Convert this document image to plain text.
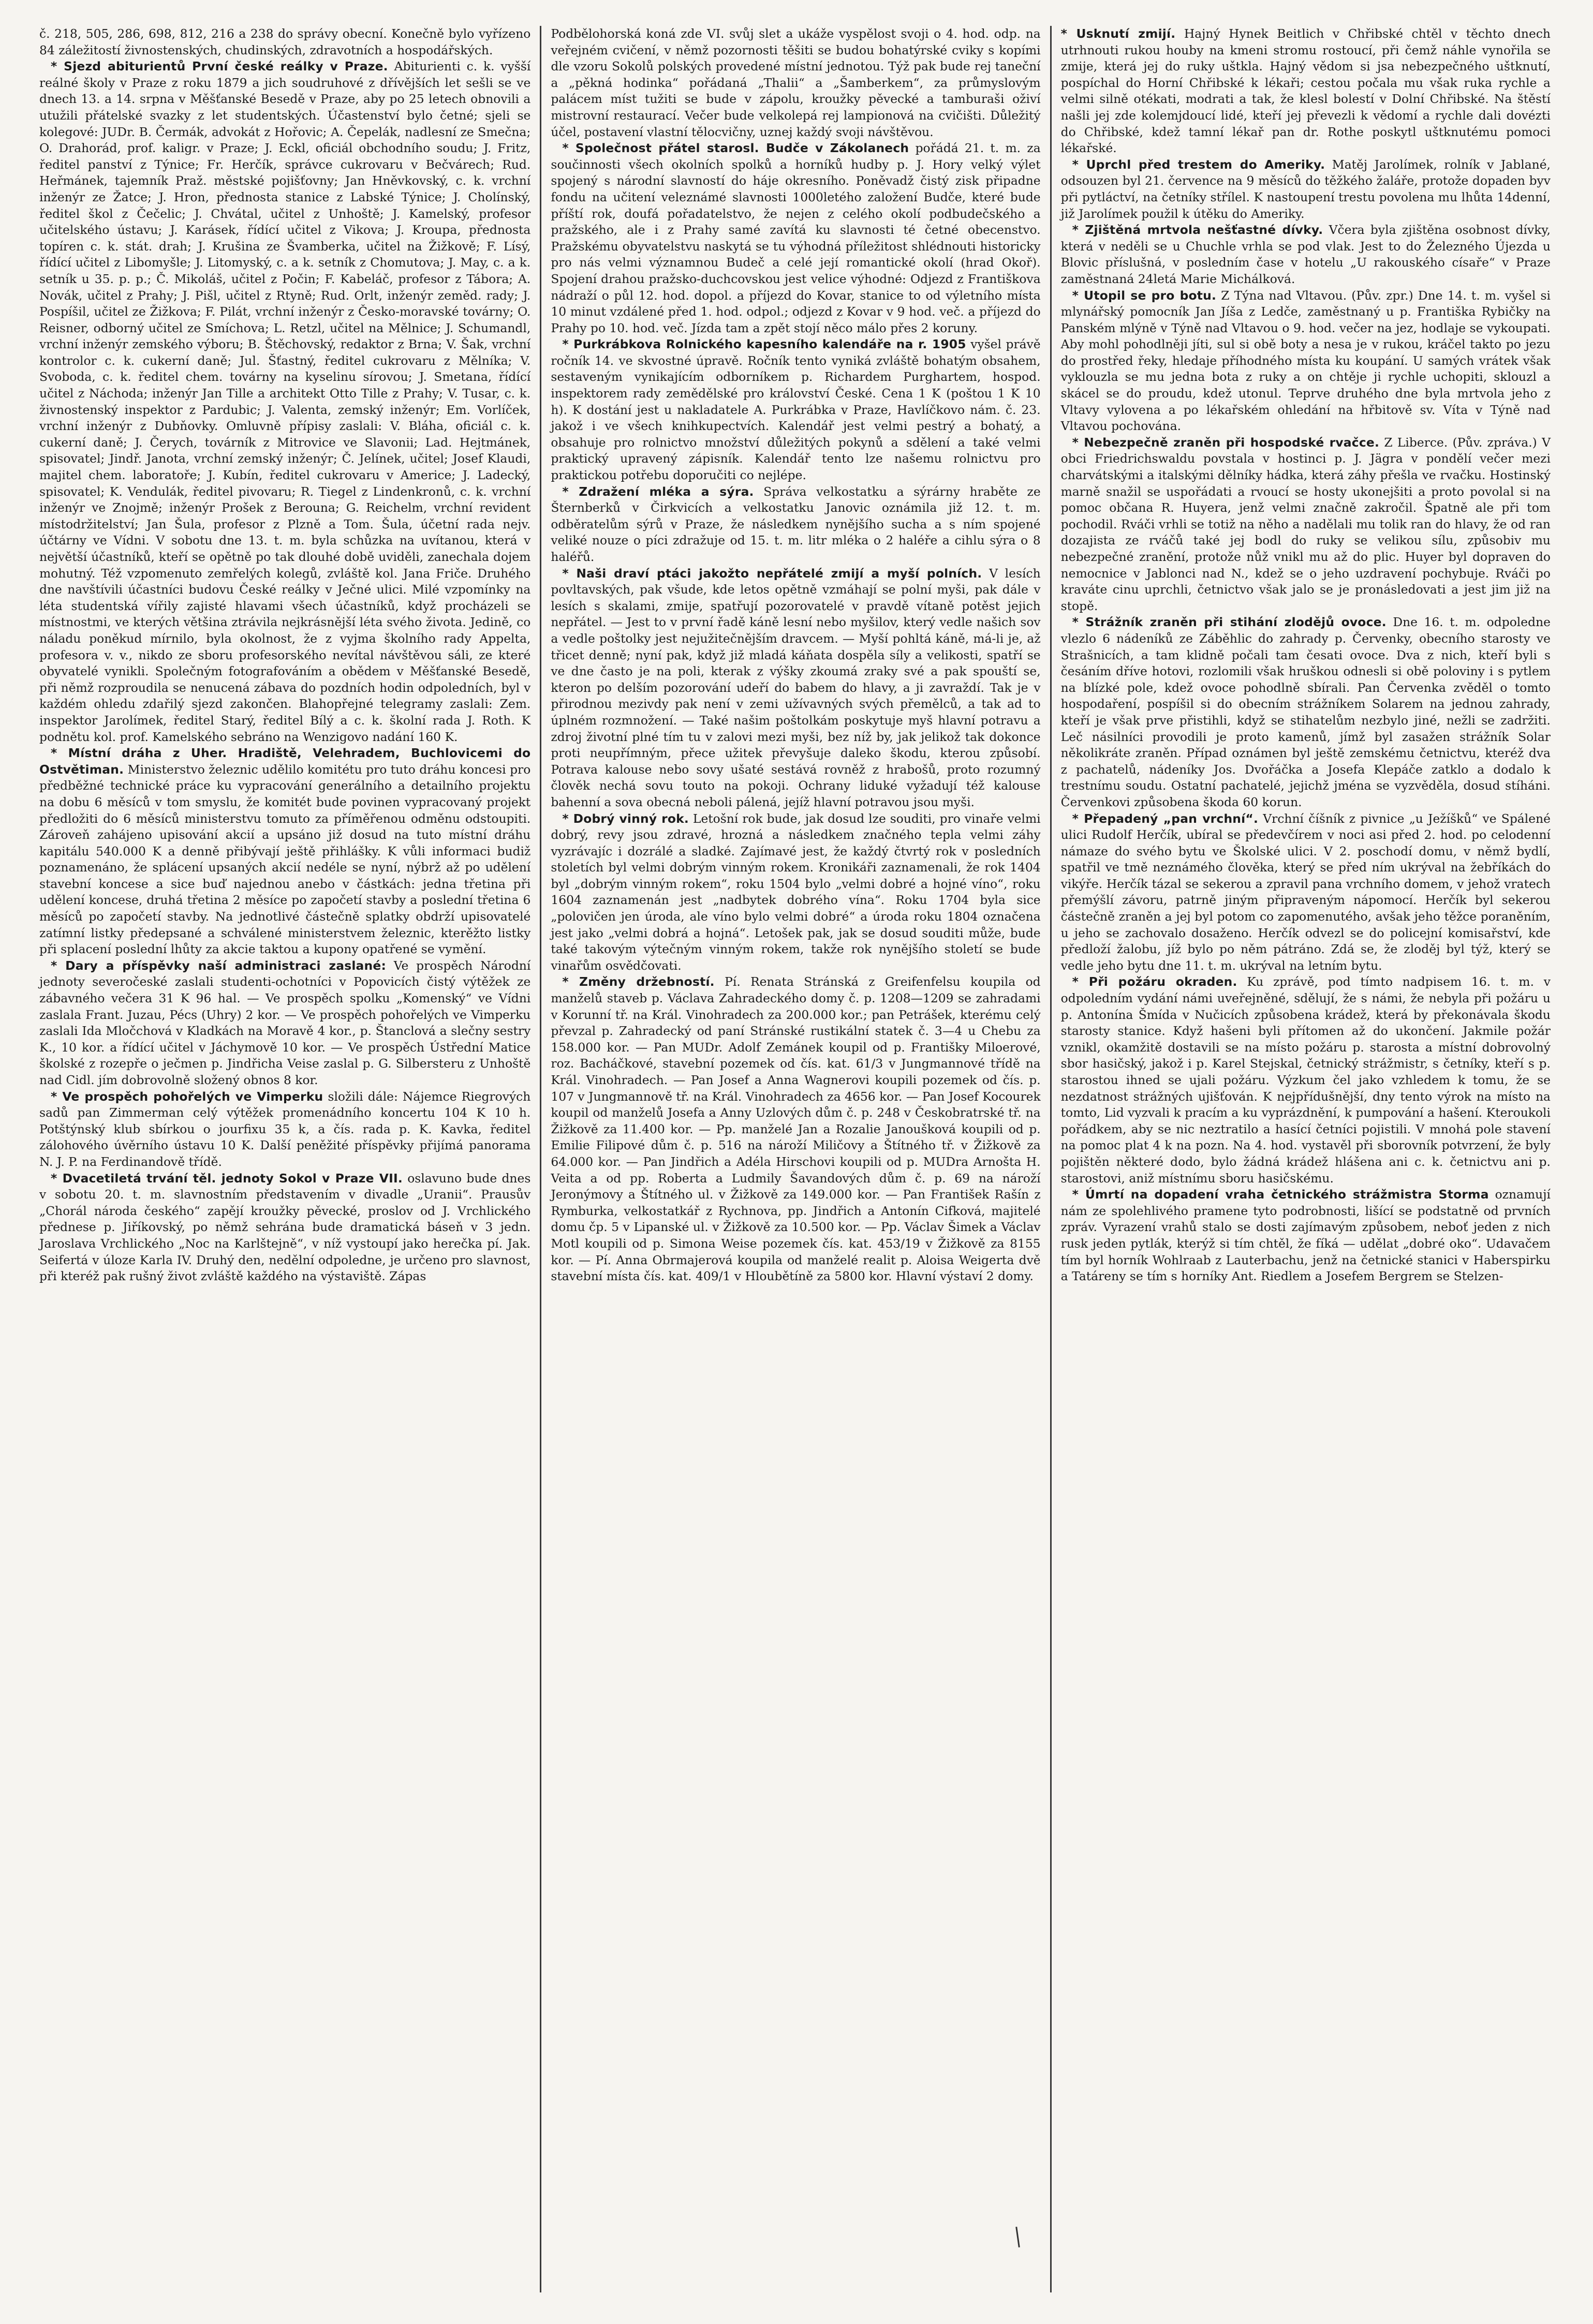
č. 218, 505, 286, 698, 812, 216 a 238 do správy obecní. Konečně bylo vyřízeno 84 záležitostí živnostenských, chudinských, zdravotních a hospodářských.

* Sjezd abiturientů První české reálky v Praze. Abiturienti c. k. vyšší reálné školy v Praze z roku 1879 a jich soudruhové z dřívějších let sešli se ve dnech 13. a 14. srpna v Měšťanské Besedě v Praze, aby po 25 letech obnovili a utužili přátelské svazky z let studentských. Účastenství bylo četné; sjeli se kolegové: JUDr. B. Čermák, advokát z Hořovic; A. Čepelák, nadlesní ze Smečna; O. Drahorád, prof. kaligr. v Praze; J. Eckl, oficiál obchodního soudu; J. Fritz, ředitel panství z Týnice; Fr. Herčík, správce cukrovaru v Bečvárech; Rud. Heřmánek, tajemník Praž. městské pojišťovny; Jan Hněvkovský, c. k. vrchní inženýr ze Žatce; J. Hron, přednosta stanice z Labské Týnice; J. Cholínský, ředitel škol z Čečelic; J. Chvátal, učitel z Unhoště; J. Kamelský, profesor učitelského ústavu; J. Karásek, řídící učitel z Vikova; J. Kroupa, přednosta topíren c. k. stát. drah; J. Krušina ze Švamberka, učitel na Žižkově; F. Lísý, řídící učitel z Libomyšle; J. Litomyský, c. a k. setník z Chomutova; J. May, c. a k. setník u 35. p. p.; Č. Mikoláš, učitel z Počin; F. Kabeláč, profesor z Tábora; A. Novák, učitel z Prahy; J. Pišl, učitel z Rtyně; Rud. Orlt, inženýr zeměd. rady; J. Pospíšil, učitel ze Žižkova; F. Pilát, vrchní inženýr z Česko-moravské továrny; O. Reisner, odborný učitel ze Smíchova; L. Retzl, učitel na Mělnice; J. Schumandl, vrchní inženýr zemského výboru; B. Štěchovský, redaktor z Brna; V. Šak, vrchní kontrolor c. k. cukerní daně; Jul. Šťastný, ředitel cukrovaru z Mělníka; V. Svoboda, c. k. ředitel chem. továrny na kyselinu sírovou; J. Smetana, řídící učitel z Náchoda; inženýr Jan Tille a architekt Otto Tille z Prahy; V. Tusar, c. k. živnostenský inspektor z Pardubic; J. Valenta, zemský inženýr; Em. Vorlíček, vrchní inženýr z Dubňovky. Omluvně přípisy zaslali: V. Bláha, oficiál c. k. cukerní daně; J. Čerych, továrník z Mitrovice ve Slavonii; Lad. Hejtmánek, spisovatel; Jindř. Janota, vrchní zemský inženýr; Č. Jelínek, učitel; Josef Klaudi, majitel chem. laboratoře; J. Kubín, ředitel cukrovaru v Americe; J. Ladecký, spisovatel; K. Vendulák, ředitel pivovaru; R. Tiegel z Lindenkronů, c. k. vrchní inženýr ve Znojmě; inženýr Prošek z Berouna; G. Reichelm, vrchní revident místodržitelství; Jan Šula, profesor z Plzně a Tom. Šula, účetní rada nejv. účtárny ve Vídni. V sobotu dne 13. t. m. byla schůzka na uvítanou, která v největší účastníků, kteří se opětně po tak dlouhé době uviděli, zanechala dojem mohutný. Též vzpomenuto zemřelých kolegů, zvláště kol. Jana Friče. Druhého dne navštívili účastníci budovu České reálky v Ječné ulici. Milé vzpomínky na léta studentská vířily zajisté hlavami všech účastníků, když procházeli se místnostmi, ve kterých většina ztrávila nejkrásnější léta svého života. Jedině, co náladu poněkud mírnilo, byla okolnost, že z vyjma školního rady Appelta, profesora v. v., nikdo ze sboru profesorského nevítal návštěvou sáli, ze které obyvatelé vynikli. Společným fotografováním a obědem v Měšťanské Besedě, při němž rozproudila se nenucená zábava do pozdních hodin odpoledních, byl v každém ohledu zdařilý sjezd zakončen. Blahopřejné telegramy zaslali: Zem. inspektor Jarolímek, ředitel Starý, ředitel Bílý a c. k. školní rada J. Roth. K podnětu kol. prof. Kamelského sebráno na Wenzigovo nadání 160 K.

* Místní dráha z Uher. Hradiště, Velehradem, Buchlovicemi do Ostvětiman. Ministerstvo železnic udělilo komitétu pro tuto dráhu koncesi pro předběžné technické práce ku vypracování generálního a detailního projektu na dobu 6 měsíců v tom smyslu, že komitét bude povinen vypracovaný projekt předložiti do 6 měsíců ministerstvu tomuto za příměřenou odměnu odstoupiti. Zároveň zahájeno upisování akcií a upsáno již dosud na tuto místní dráhu kapitálu 540.000 K a denně přibývají ještě přihlášky. K vůli informaci budiž poznamenáno, že splácení upsaných akcií nedéle se nyní, nýbrž až po udělení stavební koncese a sice buď najednou anebo v částkách: jedna třetina při udělení koncese, druhá třetina 2 měsíce po započetí stavby a poslední třetina 6 měsíců po započetí stavby. Na jednotlivé částečně splatky obdrží upisovatelé zatímní listky předepsané a schválené ministerstvem železnic, kterěžto listky při splacení poslední lhůty za akcie taktou a kupony opatřené se vymění.

* Dary a příspěvky naší administraci zaslané: Ve prospěch Národní jednoty severočeské zaslali studenti-ochotníci v Popovicích čistý výtěžek ze zábavného večera 31 K 96 hal. — Ve prospěch spolku „Komenský“ ve Vídni zaslala Frant. Juzau, Pécs (Uhry) 2 kor. — Ve prospěch pohořelých ve Vimperku zaslali Ida Mločchová v Kladkách na Moravě 4 kor., p. Štanclová a slečny sestry K., 10 kor. a řídící učitel v Jáchymově 10 kor. — Ve prospěch Ústřední Matice školské z rozepře o ječmen p. Jindřicha Veise zaslal p. G. Silbersteru z Unhoště nad Cidl. jím dobrovolně složený obnos 8 kor.

* Ve prospěch pohořelých ve Vimperku složili dále: Nájemce Riegrových sadů pan Zimmerman celý výtěžek promenádního koncertu 104 K 10 h. Potštýnský klub sbírkou o jourfixu 35 k, a čís. rada p. K. Kavka, ředitel zálohového úvěrního ústavu 10 K. Další peněžité příspěvky přijímá panorama N. J. P. na Ferdinandově třídě.

* Dvacetiletá trvání těl. jednoty Sokol v Praze VII. oslavuno bude dnes v sobotu 20. t. m. slavnostním představením v divadle „Uranii“. Prausův „Chorál národa českého“ zapějí kroužky pěvecké, proslov od J. Vrchlického přednese p. Jiříkovský, po němž sehrána bude dramatická báseň v 3 jedn. Jaroslava Vrchlického „Noc na Karlštejně“, v níž vystoupí jako herečka pí. Jak. Seifertá v úloze Karla IV. Druhý den, nedělní odpoledne, je určeno pro slavnost, při kteréž pak rušný život zvláště každého na výstaviště. Zápas

Podbělohorská koná zde VI. svůj slet a ukáže vyspělost svoji o 4. hod. odp. na veřejném cvičení, v němž pozornosti těšiti se budou bohatýrské cviky s kopími dle vzoru Sokolů polských provedené místní jednotou. Týž pak bude rej taneční a „pěkná hodinka“ pořádaná „Thalii“ a „Šamberkem“, za průmyslovým palácem míst tužiti se bude v zápolu, kroužky pěvecké a tamburaši oživí mistrovní restaurací. Večer bude velkolepá rej lampionová na cvičišti. Důležitý účel, postavení vlastní tělocvičny, uznej každý svoji návštěvou.

* Společnost přátel starosl. Budče v Zákolanech pořádá 21. t. m. za součinnosti všech okolních spolků a horníků hudby p. J. Hory velký výlet spojený s národní slavností do háje okresního. Poněvadž čistý zisk připadne fondu na učitení veleznámé slavnosti 1000letého založení Budče, které bude příští rok, doufá pořadatelstvo, že nejen z celého okolí podbudečského a pražského, ale i z Prahy samé zavítá ku slavnosti té četné obecenstvo. Pražskému obyvatelstvu naskytá se tu výhodná příležitost shlédnouti historicky pro nás velmi významnou Budeč a celé její romantické okolí (hrad Okoř). Spojení drahou pražsko-duchcovskou jest velice výhodné: Odjezd z Františkova nádraží o půl 12. hod. dopol. a příjezd do Kovar, stanice to od výletního místa 10 minut vzdálené před 1. hod. odpol.; odjezd z Kovar v 9 hod. več. a příjezd do Prahy po 10. hod. več. Jízda tam a zpět stojí něco málo přes 2 koruny.

* Purkrábkova Rolnického kapesního kalendáře na r. 1905 vyšel právě ročník 14. ve skvostné úpravě. Ročník tento vyniká zvláště bohatým obsahem, sestaveným vynikajícím odborníkem p. Richardem Purghartem, hospod. inspektorem rady zemědělské pro království České. Cena 1 K (poštou 1 K 10 h). K dostání jest u nakladatele A. Purkrábka v Praze, Havlíčkovo nám. č. 23. jakož i ve všech knihkupectvích. Kalendář jest velmi pestrý a bohatý, a obsahuje pro rolnictvo množství důležitých pokynů a sdělení a také velmi praktický upravený zápisník. Kalendář tento lze našemu rolnictvu pro praktickou potřebu doporučiti co nejlépe.

* Zdražení mléka a sýra. Správa velkostatku a sýrárny hraběte ze Šternberků v Čirkvicích a velkostatku Janovic oznámila již 12. t. m. odběratelům sýrů v Praze, že následkem nynějšího sucha a s ním spojené veliké nouze o píci zdražuje od 15. t. m. litr mléka o 2 haléře a cihlu sýra o 8 haléřů.

* Naši draví ptáci jakožto nepřátelé zmijí a myší polních. V lesích povltavských, pak všude, kde letos opětně vzmáhají se polní myši, pak dále v lesích s skalami, zmije, spatřují pozorovatelé v pravdě vítaně potěst jejich nepřátel. — Jest to v první řadě káně lesní nebo myšilov, který vedle našich sov a vedle poštolky jest nejužitečnějším dravcem. — Myší pohltá káně, má-li je, až třicet denně; nyní pak, když již mladá káňata dospěla síly a velikosti, spatří se ve dne často je na poli, kterak z výšky zkoumá zraky své a pak spouští se, kteron po delším pozorování udeří do babem do hlavy, a ji zavraždí. Tak je v přirodnou mezivdy pak není v zemi užívavných svých přemělců, a tak ad to úplném rozmnožení. — Také našim poštolkám poskytuje myš hlavní potravu a zdroj životní plné tím tu v zalovi mezi myši, bez níž by, jak jelikož tak dokonce proti neupřímným, přece užitek převyšuje daleko škodu, kterou způsobí. Potrava kalouse nebo sovy ušaté sestává rovněž z hrabošů, proto rozumný člověk nechá sovu touto na pokoji. Ochrany liduké vyžadují též kalouse bahenní a sova obecná neboli pálená, jejíž hlavní potravou jsou myši.

* Dobrý vinný rok. Letošní rok bude, jak dosud lze souditi, pro vinaře velmi dobrý, revy jsou zdravé, hrozná a následkem značného tepla velmi záhy vyzrávajíc i dozrálé a sladké. Zajímavé jest, že každý čtvrtý rok v posledních stoletích byl velmi dobrým vinným rokem. Kronikáři zaznamenali, že rok 1404 byl „dobrým vinným rokem“, roku 1504 bylo „velmi dobré a hojné víno“, roku 1604 zaznamenán jest „nadbytek dobrého vína“. Roku 1704 byla sice „polovičen jen úroda, ale víno bylo velmi dobré“ a úroda roku 1804 označena jest jako „velmi dobrá a hojná“. Letošek pak, jak se dosud souditi může, bude také takovým výtečným vinným rokem, takže rok nynějšího století se bude vinařům osvědčovati.

* Změny držebností. Pí. Renata Stránská z Greifenfelsu koupila od manželů staveb p. Václava Zahradeckého domy č. p. 1208—1209 se zahradami v Korunní tř. na Král. Vinohradech za 200.000 kor.; pan Petrášek, kterému celý převzal p. Zahradecký od paní Stránské rustikální statek č. 3—4 u Chebu za 158.000 kor. — Pan MUDr. Adolf Zemánek koupil od p. Františky Miloerové, roz. Bacháčkové, stavební pozemek od čís. kat. 61/3 v Jungmannové třídě na Král. Vinohradech. — Pan Josef a Anna Wagnerovi koupili pozemek od čís. p. 107 v Jungmannově tř. na Král. Vinohradech za 4656 kor. — Pan Josef Kocourek koupil od manželů Josefa a Anny Uzlových dům č. p. 248 v Českobratrské tř. na Žižkově za 11.400 kor. — Pp. manželé Jan a Rozalie Janoušková koupili od p. Emilie Filipové dům č. p. 516 na nároží Miličovy a Štítného tř. v Žižkově za 64.000 kor. — Pan Jindřich a Adéla Hirschovi koupili od p. MUDra Arnošta H. Veita a od pp. Roberta a Ludmily Šavandových dům č. p. 69 na nároží Jeronýmovy a Štítného ul. v Žižkově za 149.000 kor. — Pan František Rašín z Rymburka, velkostatkář z Rychnova, pp. Jindřich a Antonín Cifková, majitelé domu čp. 5 v Lipanské ul. v Žižkově za 10.500 kor. — Pp. Václav Šimek a Václav Motl koupili od p. Simona Weise pozemek čís. kat. 453/19 v Žižkově za 8155 kor. — Pí. Anna Obrmajerová koupila od manželé realit p. Aloisa Weigerta dvě stavební místa čís. kat. 409/1 v Hloubětíně za 5800 kor. Hlavní výstaví 2 domy.

* Usknutí zmijí. Hajný Hynek Beitlich v Chřibské chtěl v těchto dnech utrhnouti rukou houby na kmeni stromu rostoucí, při čemž náhle vynořila se zmije, která jej do ruky uštkla. Hajný vědom si jsa nebezpečného uštknutí, pospíchal do Horní Chřibské k lékaři; cestou počala mu však ruka rychle a velmi silně otékati, modrati a tak, že klesl bolestí v Dolní Chřibské. Na štěstí našli jej zde kolemjdoucí lidé, kteří jej převezli k vědomí a rychle dali dovézti do Chřibské, kdež tamní lékař pan dr. Rothe poskytl uštknutému pomoci lékařské.

* Uprchl před trestem do Ameriky. Matěj Jarolímek, rolník v Jablané, odsouzen byl 21. července na 9 měsíců do těžkého žaláře, protože dopaden byv při pytláctví, na četníky střílel. K nastoupení trestu povolena mu lhůta 14denní, již Jarolímek použil k útěku do Ameriky.

* Zjištěná mrtvola nešťastné dívky. Včera byla zjištěna osobnost dívky, která v neděli se u Chuchle vrhla se pod vlak. Jest to do Železného Újezda u Blovic příslušná, v posledním čase v hotelu „U rakouského císaře“ v Praze zaměstnaná 24letá Marie Michálková.

* Utopil se pro botu. Z Týna nad Vltavou. (Pův. zpr.) Dne 14. t. m. vyšel si mlynářský pomocník Jan Jíša z Ledče, zaměstnaný u p. Františka Rybičky na Panském mlýně v Týně nad Vltavou o 9. hod. večer na jez, hodlaje se vykoupati. Aby mohl pohodlněji jíti, sul si obě boty a nesa je v rukou, kráčel takto po jezu do prostřed řeky, hledaje příhodného místa ku koupání. U samých vrátek však vyklouzla se mu jedna bota z ruky a on chtěje ji rychle uchopiti, sklouzl a skácel se do proudu, kdež utonul. Teprve druhého dne byla mrtvola jeho z Vltavy vylovena a po lékařském ohledání na hřbitově sv. Víta v Týně nad Vltavou pochována.

* Nebezpečně zraněn při hospodské rvačce. Z Liberce. (Pův. zpráva.) V obci Friedrichswaldu povstala v hostinci p. J. Jägra v pondělí večer mezi charvátskými a italskými dělníky hádka, která záhy přešla ve rvačku. Hostinský marně snažil se uspořádati a rvoucí se hosty ukonejšiti a proto povolal si na pomoc občana R. Huyera, jenž velmi značně zakročil. Špatně ale při tom pochodil. Rváči vrhli se totiž na něho a nadělali mu tolik ran do hlavy, že od ran dozajista ze rváčů také jej bodl do ruky se velikou sílu, způsobiv mu nebezpečné zranění, protože nůž vnikl mu až do plic. Huyer byl dopraven do nemocnice v Jablonci nad N., kdež se o jeho uzdravení pochybuje. Rváči po kraváte cinu uprchli, četnictvo však jalo se je pronásledovati a jest jim již na stopě.

* Strážník zraněn při stihání zlodějů ovoce. Dne 16. t. m. odpoledne vlezlo 6 nádeníků ze Záběhlic do zahrady p. Červenky, obecního starosty ve Strašnicích, a tam klidně počali tam česati ovoce. Dva z nich, kteří byli s česáním dříve hotovi, rozlomili však hruškou odnesli si obě poloviny i s pytlem na blízké pole, kdež ovoce pohodlně sbírali. Pan Červenka zvěděl o tomto hospodaření, pospíšil si do obecním strážníkem Solarem na jednou zahrady, kteří je však prve přistihli, když se stihatelům nezbylo jiné, nežli se zadržiti. Leč násilníci provodili je proto kamenů, jímž byl zasažen strážník Solar několikráte zraněn. Případ oznámen byl ještě zemskému četnictvu, kteréž dva z pachatelů, nádeníky Jos. Dvořáčka a Josefa Klepáče zatklo a dodalo k trestnímu soudu. Ostatní pachatelé, jejichž jména se vyzvěděla, dosud stíháni. Červenkovi způsobena škoda 60 korun.

* Přepadený „pan vrchní“. Vrchní číšník z pivnice „u Ježíšků“ ve Spálené ulici Rudolf Herčík, ubíral se předevčírem v noci asi před 2. hod. po celodenní námaze do svého bytu ve Školské ulici. V 2. poschodí domu, v němž bydlí, spatřil ve tmě neznámého člověka, který se před ním ukrýval na žebříkách do vikýře. Herčík tázal se sekerou a zpravil pana vrchního domem, v jehož vratech přemýšlí závoru, patrně jiným připraveným nápomocí. Herčík byl sekerou částečně zraněn a jej byl potom co zapomenutého, avšak jeho těžce poraněním, u jeho se zachovalo dosaženo. Herčík odvezl se do policejní komisařství, kde předloží žalobu, jíž bylo po něm pátráno. Zdá se, že zloděj byl týž, který se vedle jeho bytu dne 11. t. m. ukrýval na letním bytu.

* Při požáru okraden. Ku zprávě, pod tímto nadpisem 16. t. m. v odpoledním vydání námi uveřejněné, sdělují, že s námi, že nebyla při požáru u p. Antonína Šmída v Nučicích způsobena krádež, která by překonávala škodu starosty stanice. Když hašeni byli přítomen až do ukončení. Jakmile požár vznikl, okamžitě dostavili se na místo požáru p. starosta a místní dobrovolný sbor hasičský, jakož i p. Karel Stejskal, četnický strážmistr, s četníky, kteří s p. starostou ihned se ujali požáru. Výzkum čel jako vzhledem k tomu, že se nezdatnost strážných ujišťován. K nejpřídušnější, dny tento výrok na místo na tomto, Lid vyzvali k pracím a ku vyprázdnění, k pumpování a hašení. Kteroukoli pořádkem, aby se nic neztratilo a hasící četníci pojistili. V mnohá pole stavení na pomoc plat 4 k na pozn. Na 4. hod. vystavěl při sborovník potvrzení, že byly pojištěn některé dodo, bylo žádná krádež hlášena ani c. k. četnictvu ani p. starostovi, aniž místnímu sboru hasičskému.

* Úmrtí na dopadení vraha četnického strážmistra Storma oznamují nám ze spolehlivého pramene tyto podrobnosti, lišící se podstatně od prvních zpráv. Vyrazení vrahů stalo se dosti zajímavým způsobem, neboť jeden z nich rusk jeden pytlák, kterýž si tím chtěl, že fíká — udělat „dobré oko“. Udavačem tím byl horník Wohlraab z Lauterbachu, jenž na četnické stanici v Haberspirku a Tatáreny se tím s horníky Ant. Riedlem a Josefem Bergrem se Stelzen-
